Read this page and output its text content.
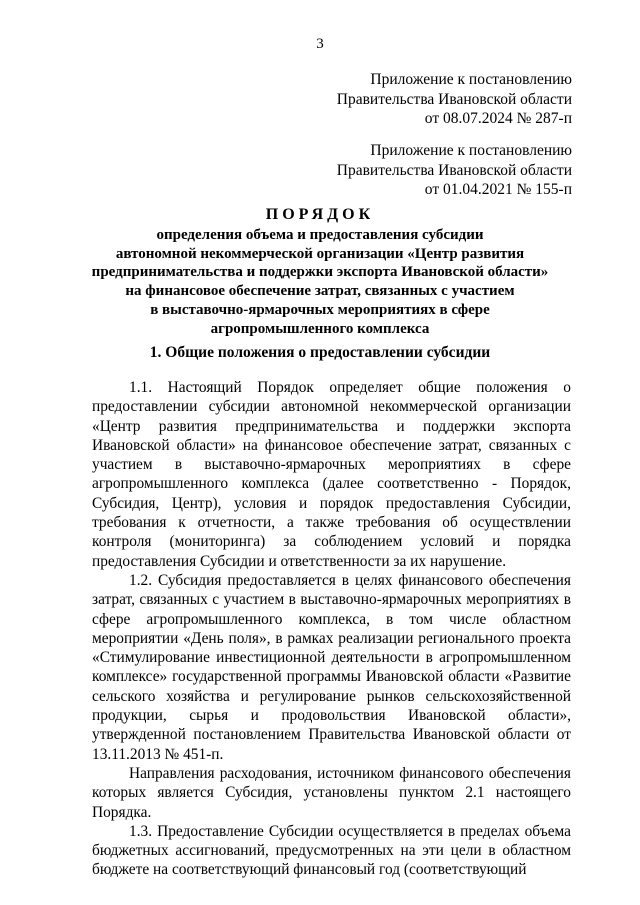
3
Приложение к постановлению
Правительства Ивановской области
от 08.07.2024 № 287-п
Приложение к постановлению
Правительства Ивановской области
от 01.04.2021 № 155-п
ПОРЯДОК
определения объема и предоставления субсидии
автономной некоммерческой организации «Центр развития
предпринимательства и поддержки экспорта Ивановской области»
на финансовое обеспечение затрат, связанных с участием
в выставочно-ярмарочных мероприятиях в сфере
агропромышленного комплекса
1. Общие положения о предоставлении субсидии

1.1. Настоящий Порядок определяет общие положения о предоставлении субсидии автономной некоммерческой организации «Центр развития предпринимательства и поддержки экспорта Ивановской области» на финансовое обеспечение затрат, связанных с участием в выставочно-ярмарочных мероприятиях в сфере агропромышленного комплекса (далее соответственно - Порядок, Субсидия, Центр), условия и порядок предоставления Субсидии, требования к отчетности, а также требования об осуществлении контроля (мониторинга) за соблюдением условий и порядка предоставления Субсидии и ответственности за их нарушение.

1.2. Субсидия предоставляется в целях финансового обеспечения затрат, связанных с участием в выставочно-ярмарочных мероприятиях в сфере агропромышленного комплекса, в том числе областном мероприятии «День поля», в рамках реализации регионального проекта «Стимулирование инвестиционной деятельности в агропромышленном комплексе» государственной программы Ивановской области «Развитие сельского хозяйства и регулирование рынков сельскохозяйственной продукции, сырья и продовольствия Ивановской области», утвержденной постановлением Правительства Ивановской области от 13.11.2013 № 451-п.

Направления расходования, источником финансового обеспечения которых является Субсидия, установлены пунктом 2.1 настоящего Порядка.

1.3. Предоставление Субсидии осуществляется в пределах объема бюджетных ассигнований, предусмотренных на эти цели в областном бюджете на соответствующий финансовый год (соответствующий
